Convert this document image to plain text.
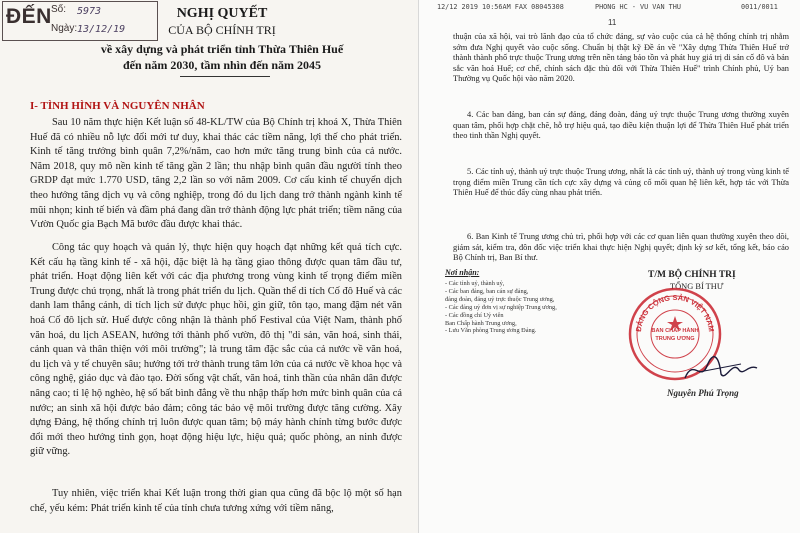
ĐẾN Số: 5973
Ngày: 13/12/19
NGHỊ QUYẾT
CỦA BỘ CHÍNH TRỊ
về xây dựng và phát triển tỉnh Thừa Thiên Huế
đến năm 2030, tầm nhìn đến năm 2045
I- TÌNH HÌNH VÀ NGUYÊN NHÂN

Sau 10 năm thực hiện Kết luận số 48-KL/TW của Bộ Chính trị khoá X, Thừa Thiên Huế đã có nhiều nỗ lực đổi mới tư duy, khai thác các tiềm năng, lợi thế cho phát triển. Kinh tế tăng trưởng bình quân 7,2%/năm, cao hơn mức tăng trung bình của cả nước. Năm 2018, quy mô nền kinh tế tăng gần 2 lần; thu nhập bình quân đầu người tính theo GRDP đạt mức 1.770 USD, tăng 2,2 lần so với năm 2009. Cơ cấu kinh tế chuyển dịch theo hướng tăng dịch vụ và công nghiệp, trong đó du lịch dang trở thành ngành kinh tế mũi nhọn; kinh tế biển và đầm phá đang dần trở thành động lực phát triển; tiềm năng của Vườn Quốc gia Bạch Mã bước đầu được khai thác.

Công tác quy hoạch và quản lý, thực hiện quy hoạch đạt những kết quả tích cực. Kết cấu hạ tầng kinh tế - xã hội, đặc biệt là hạ tầng giao thông được quan tâm đầu tư, phát triển. Hoạt động liên kết với các địa phương trong vùng kinh tế trọng điểm miền Trung được chú trọng, nhất là trong phát triển du lịch. Quần thể di tích Cố đô Huế và các danh lam thắng cảnh, di tích lịch sử được phục hồi, gìn giữ, tôn tạo, mang đậm nét văn hoá Cố đô lịch sử. Huế được công nhận là thành phố Festival của Việt Nam, thành phố văn hoá, du lịch ASEAN, hướng tới thành phố vườn, đô thị "di sản, văn hoá, sinh thái, cảnh quan và thân thiện với môi trường"; là trung tâm đặc sắc của cả nước về văn hoá, du lịch và y tế chuyên sâu; hướng tới trở thành trung tâm lớn của cả nước về khoa học và công nghệ, giáo dục và đào tạo. Đời sống vật chất, văn hoá, tinh thần của nhân dân được nâng cao; tỉ lệ hộ nghèo, hệ số bất bình đẳng về thu nhập thấp hơn mức bình quân của cả nước; an sinh xã hội được bảo đảm; công tác bảo vệ môi trường được tăng cường. Xây dựng Đảng, hệ thống chính trị luôn được quan tâm; bộ máy hành chính từng bước được đổi mới theo hướng tinh gọn, hoạt động hiệu lực, hiệu quả; quốc phòng, an ninh được giữ vững.

Tuy nhiên, việc triển khai Kết luận trong thời gian qua cũng đã bộc lộ một số hạn chế, yếu kém: Phát triển kinh tế của tỉnh chưa tương xứng với tiềm năng,

12/12 2019 10:56AM FAX 08045308	PHONG HC - VU VAN THU	0011/0011
11

thuận của xã hội, vai trò lãnh đạo của tổ chức đảng, sự vào cuộc của cả hệ thống chính trị nhằm sớm đưa Nghị quyết vào cuộc sống. Chuẩn bị thật kỹ Đề án về "Xây dựng Thừa Thiên Huế trở thành thành phố trực thuộc Trung ương trên nền tảng bảo tồn và phát huy giá trị di sản cố đô và bản sắc văn hoá Huế; cơ chế, chính sách đặc thù đối với Thừa Thiên Huế" trình Chính phủ, Uỷ ban Thường vụ Quốc hội vào năm 2020.

4. Các ban đảng, ban cán sự đảng, đảng đoàn, đảng uỷ trực thuộc Trung ương thường xuyên quan tâm, phối hợp chặt chẽ, hỗ trợ hiệu quả, tạo điều kiện thuận lợi để Thừa Thiên Huế phát triển theo tinh thần Nghị quyết.

5. Các tỉnh uỷ, thành uỷ trực thuộc Trung ương, nhất là các tỉnh uỷ, thành uỷ trong vùng kinh tế trọng điểm miền Trung cần tích cực xây dựng và củng cố mối quan hệ liên kết, hợp tác với Thừa Thiên Huế để thúc đẩy cùng nhau phát triển.

6. Ban Kinh tế Trung ương chủ trì, phối hợp với các cơ quan liên quan thường xuyên theo dõi, giám sát, kiểm tra, đôn đốc việc triển khai thực hiện Nghị quyết; định kỳ sơ kết, tổng kết, báo cáo Bộ Chính trị, Ban Bí thư.

Nơi nhận:
- Các tỉnh uỷ, thành uỷ,
- Các ban đảng, ban cán sự đảng,
đảng đoàn, đảng uỷ trực thuộc Trung ương,
- Các đảng uỷ đơn vị sự nghiệp Trung ương,
- Các đồng chí Uỷ viên
Ban Chấp hành Trung ương,
- Lưu Văn phòng Trung ương Đảng.
T/M BỘ CHÍNH TRỊ
TỔNG BÍ THƯ
ĐẢNG CỘNG SẢN VIỆT NAM
BAN CHẤP HÀNH
TRUNG ƯƠNG
Nguyễn Phú Trọng
